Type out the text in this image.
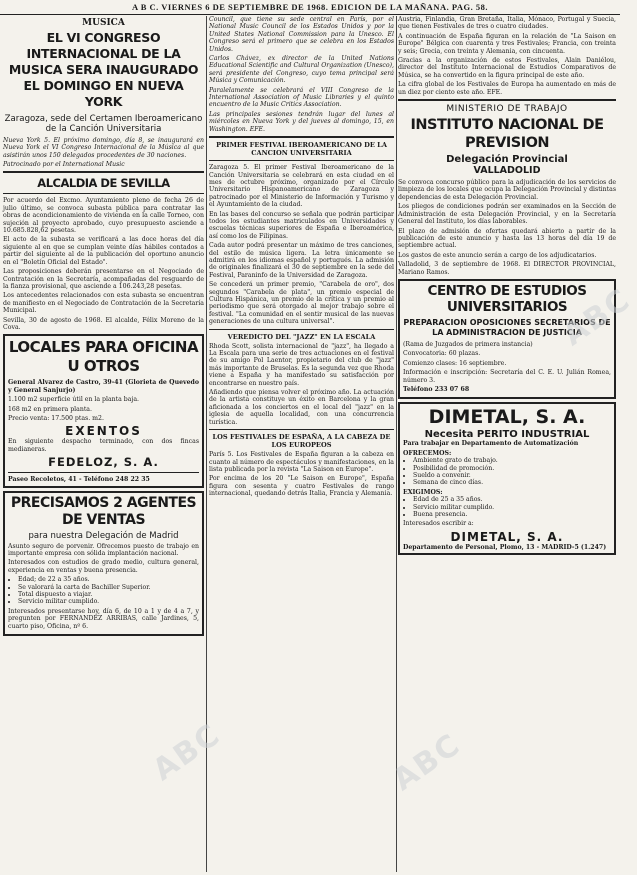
A B C. VIERNES 6 DE SEPTIEMBRE DE 1968. EDICION DE LA MAÑANA. PAG. 58.
MUSICA
EL VI CONGRESO INTERNACIONAL DE LA MUSICA SERA INAUGURADO EL DOMINGO EN NUEVA YORK
Zaragoza, sede del Certamen Iberoamericano de la Canción Universitaria

Nueva York 5. El próximo domingo, día 8, se inaugurará en Nueva York el VI Congreso Internacional de la Música al que asistirán unos 150 delegados procedentes de 30 naciones.

Patrocinado por el International Music

ALCALDIA DE SEVILLA

Por acuerdo del Excmo. Ayuntamiento pleno de fecha 26 de julio último, se convoca subasta pública para contratar las obras de acondicionamiento de vivienda en la calle Torneo, con sujeción al proyecto aprobado, cuyo presupuesto asciende a 10.685.828,62 pesetas.

El acto de la subasta se verificará a las doce horas del día siguiente al en que se cumplan veinte días hábiles contados a partir del siguiente al de la publicación del oportuno anuncio en el "Boletín Oficial del Estado".

Las proposiciones deberán presentarse en el Negociado de Contratación en la Secretaría, acompañadas del resguardo de la fianza provisional, que asciende a 106.243,28 pesetas.

Los antecedentes relacionados con esta subasta se encuentran de manifiesto en el Negociado de Contratación de la Secretaría Municipal.

Sevilla, 30 de agosto de 1968. El alcalde, Félix Moreno de la Cova.

LOCALES PARA OFICINA U OTROS

General Alvarez de Castro, 39-41 (Glorieta de Quevedo y General Sanjurjo)

1.100 m2 superficie útil en la planta baja.

168 m2 en primera planta.

Precio venta: 17.500 ptas. m2.

EXENTOS

En siguiente despacho terminado, con dos fincas medianeras.

FEDELOZ, S. A.

Paseo Recoletos, 41 - Teléfono 248 22 35

PRECISAMOS 2 AGENTES DE VENTAS
para nuestra Delegación de Madrid

Asunto seguro de porvenir. Ofrecemos puesto de trabajo en importante empresa con sólida implantación nacional.

Interesados con estudios de grado medio, cultura general, experiencia en ventas y buena presencia.

• Edad; de 22 a 35 años.
• Se valorará la carta de Bachiller Superior.
• Total dispuesto a viajar.
• Servicio militar cumplido.

Interesados presentarse hoy, día 6, de 10 a 1 y de 4 a 7, y pregunten por FERNANDEZ ARRIBAS, calle Jardines, 5, cuarto piso, Oficina, nº 6.

Council, que tiene su sede central en París, por el National Music Council de los Estados Unidos y por la United States National Commission para la Unesco. El Congreso será el primero que se celebra en los Estados Unidos.

Carlos Chávez, ex director de la United Nations Educational Scientific and Cultural Organization (Unesco), será presidente del Congreso, cuyo tema principal será Música y Comunicación.

Paralelamente se celebrará el VIII Congreso de la International Association of Music Libraries y el quinto encuentro de la Music Critics Association.

Las principales sesiones tendrán lugar del lunes al miércoles en Nueva York y del jueves al domingo, 15, en Washington. EFE.

PRIMER FESTIVAL IBEROAMERICANO DE LA CANCION UNIVERSITARIA

Zaragoza 5. El primer Festival Iberoamericano de la Canción Universitaria se celebrará en esta ciudad en el mes de octubre próximo, organizado por el Círculo Universitario Hispanoamericano de Zaragoza y patrocinado por el Ministerio de Información y Turismo y el Ayuntamiento de la ciudad.

En las bases del concurso se señala que podrán participar todos los estudiantes matriculados en Universidades y escuelas técnicas superiores de España e Iberoamérica, así como los de Filipinas.

Cada autor podrá presentar un máximo de tres canciones, del estilo de música ligera. La letra únicamente se admitirá en los idiomas español y portugués. La admisión de originales finalizará el 30 de septiembre en la sede del Festival, Paraninfo de la Universidad de Zaragoza.

Se concederá un primer premio, "Carabela de oro", dos segundos "Carabela de plata", un premio especial de Cultura Hispánica, un premio de la crítica y un premio al periodismo que será otorgado al mejor trabajo sobre el festival. "La comunidad en el sentir musical de las nuevas generaciones de una cultura universal".

VEREDICTO DEL "JAZZ" EN LA ESCALA

Rhoda Scott, solista internacional de "jazz", ha llegado a La Escala para una serie de tres actuaciones en el festival de su amigo Pol Laentor, propietario del club de "jazz" más importante de Bruselas. Es la segunda vez que Rhoda viene a España y ha manifestado su satisfacción por encontrarse en nuestro país.

Añadiendo que piensa volver el próximo año. La actuación de la artista constituye un éxito en Barcelona y la gran aficionada a los conciertos en el local del "jazz" en la iglesia de aquella localidad, con una concurrencia turística.

LOS FESTIVALES DE ESPAÑA, A LA CABEZA DE LOS EUROPEOS

París 5. Los Festivales de España figuran a la cabeza en cuanto al número de espectáculos y manifestaciones, en la lista publicada por la revista "La Saison en Europe".

Por encima de los 20 "Le Saison en Europe", España figura con sesenta y cuatro Festivales de rango internacional, quedando detrás Italia, Francia y Alemania.

Austria, Finlandia, Gran Bretaña, Italia, Mónaco, Portugal y Suecia, que tienen Festivales de tres o cuatro ciudades.

A continuación de España figuran en la relación de "La Saison en Europe" Bélgica con cuarenta y tres Festivales; Francia, con treinta y seis; Grecia, con treinta y Alemania, con cincuenta.

Gracias a la organización de estos Festivales, Alain Daniélou, director del Instituto Internacional de Estudios Comparativos de Música, se ha convertido en la figura principal de este año.

La cifra global de los Festivales de Europa ha aumentado en más de un diez por ciento este año. EFE.

MINISTERIO DE TRABAJO
INSTITUTO NACIONAL DE PREVISION
Delegación Provincial
VALLADOLID

Se convoca concurso público para la adjudicación de los servicios de limpieza de los locales que ocupa la Delegación Provincial y distintas dependencias de esta Delegación Provincial.

Los pliegos de condiciones podrán ser examinados en la Sección de Administración de esta Delegación Provincial, y en la Secretaría General del Instituto, los días laborables.

El plazo de admisión de ofertas quedará abierto a partir de la publicación de este anuncio y hasta las 13 horas del día 19 de septiembre actual.

Los gastos de este anuncio serán a cargo de los adjudicatarios.

Valladolid, 3 de septiembre de 1968. El DIRECTOR PROVINCIAL, Mariano Ramos.

CENTRO DE ESTUDIOS UNIVERSITARIOS
PREPARACION OPOSICIONES SECRETARIOS DE LA ADMINISTRACION DE JUSTICIA

(Rama de Juzgados de primera instancia)

Convocatoria: 60 plazas.

Comienzo clases: 16 septiembre.

Información e inscripción: Secretaría del C. E. U. Julián Romea, número 3.

Teléfono 233 07 68

DIMETAL, S. A.
Necesita PERITO INDUSTRIAL

Para trabajar en Departamento de Automatización

OFRECEMOS:

• Ambiente grato de trabajo.
• Posibilidad de promoción.
• Sueldo a convenir.
• Semana de cinco días.

EXIGIMOS:

• Edad de 25 a 35 años.
• Servicio militar cumplido.
• Buena presencia.

Interesados escribir a:

DIMETAL, S. A.

Departamento de Personal, Plomo, 13 - MADRID-5 (1.247)

ABC	ABC
ABC
